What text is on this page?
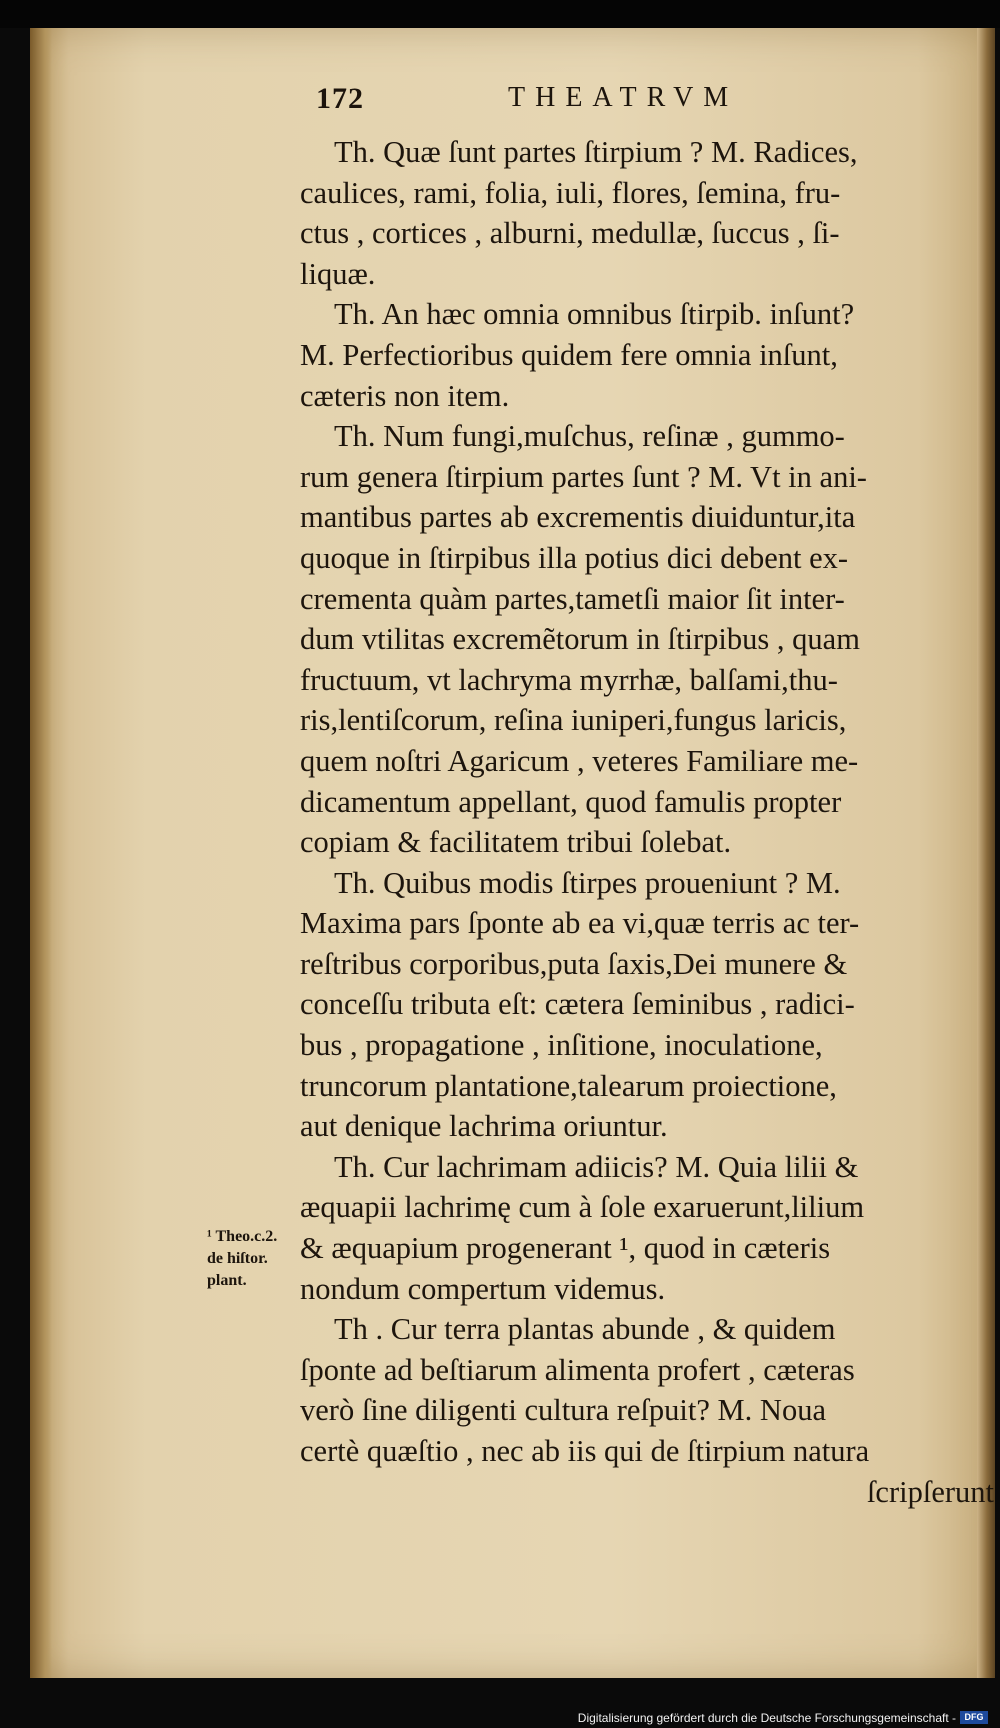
172	THEATRVM
Th. Quæ ſunt partes ſtirpium ? M. Radices,
caulices, rami, folia, iuli, flores, ſemina, fru-
ctus , cortices , alburni, medullæ, ſuccus , ſi-
liquæ.
Th. An hæc omnia omnibus ſtirpib. inſunt?
M. Perfectioribus quidem fere omnia inſunt,
cæteris non item.
Th. Num fungi,muſchus, reſinæ , gummo-
rum genera ſtirpium partes ſunt ? M. Vt in ani-
mantibus partes ab excrementis diuiduntur,ita
quoque in ſtirpibus illa potius dici debent ex-
crementa quàm partes,tametſi maior ſit inter-
dum vtilitas excremẽtorum in ſtirpibus , quam
fructuum, vt lachryma myrrhæ, balſami,thu-
ris,lentiſcorum, reſina iuniperi,fungus laricis,
quem noſtri Agaricum , veteres Familiare me-
dicamentum appellant, quod famulis propter
copiam & facilitatem tribui ſolebat.
Th. Quibus modis ſtirpes proueniunt ? M.
Maxima pars ſponte ab ea vi,quæ terris ac ter-
reſtribus corporibus,puta ſaxis,Dei munere &
conceſſu tributa eſt: cætera ſeminibus , radici-
bus , propagatione , inſitione, inoculatione,
truncorum plantatione,talearum proiectione,
aut denique lachrima oriuntur.
Th. Cur lachrimam adiicis? M. Quia lilii &
æquapii lachrimę cum à ſole exaruerunt,lilium
& æquapium progenerant ¹, quod in cæteris
nondum compertum videmus.
Th . Cur terra plantas abunde , & quidem
ſponte ad beſtiarum alimenta profert , cæteras
verò ſine diligenti cultura reſpuit? M. Noua
certè quæſtio , nec ab iis qui de ſtirpium natura
ſcripſerunt
¹ Theo.c.2.
de hiſtor.
plant.
Digitalisierung gefördert durch die Deutsche Forschungsgemeinschaft - DFG
